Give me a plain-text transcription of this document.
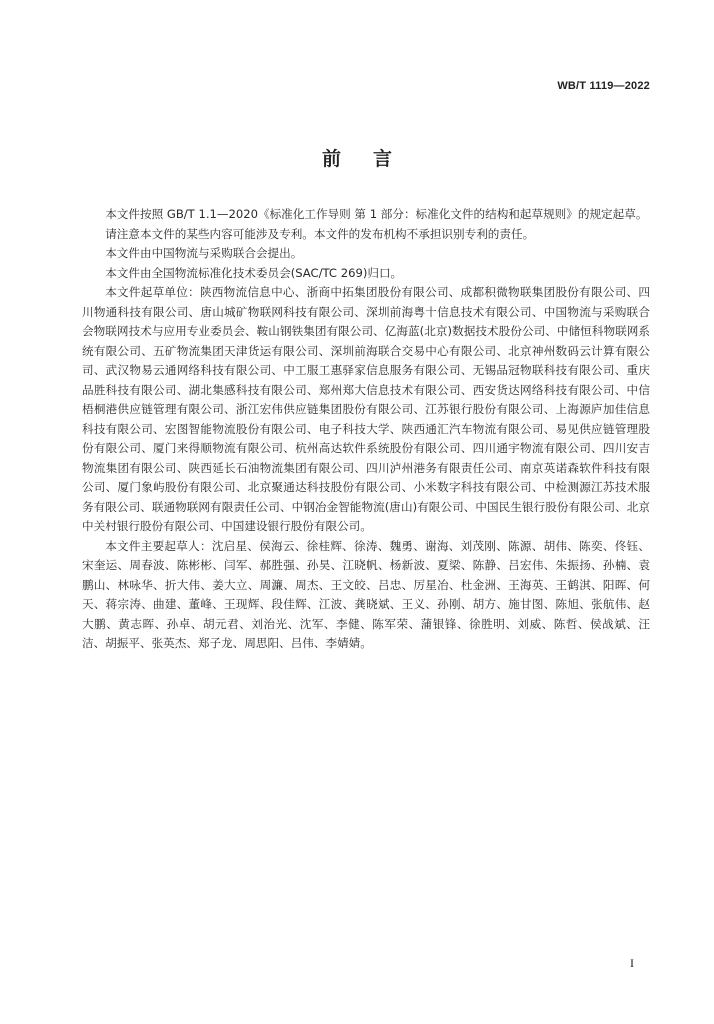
WB/T 1119—2022
前言

本文件按照 GB/T 1.1—2020《标准化工作导则 第 1 部分：标准化文件的结构和起草规则》的规定起草。

请注意本文件的某些内容可能涉及专利。本文件的发布机构不承担识别专利的责任。

本文件由中国物流与采购联合会提出。

本文件由全国物流标准化技术委员会(SAC/TC 269)归口。

本文件起草单位：陕西物流信息中心、浙商中拓集团股份有限公司、成都积微物联集团股份有限公司、四川物通科技有限公司、唐山城矿物联网科技有限公司、深圳前海粤十信息技术有限公司、中国物流与采购联合会物联网技术与应用专业委员会、鞍山钢铁集团有限公司、亿海蓝(北京)数据技术股份公司、中储恒科物联网系统有限公司、五矿物流集团天津货运有限公司、深圳前海联合交易中心有限公司、北京神州数码云计算有限公司、武汉物易云通网络科技有限公司、中工服工惠驿家信息服务有限公司、无锡品冠物联科技有限公司、重庆品胜科技有限公司、湖北集感科技有限公司、郑州郑大信息技术有限公司、西安货达网络科技有限公司、中信梧桐港供应链管理有限公司、浙江宏伟供应链集团股份有限公司、江苏银行股份有限公司、上海源庐加佳信息科技有限公司、宏图智能物流股份有限公司、电子科技大学、陕西通汇汽车物流有限公司、易见供应链管理股份有限公司、厦门来得顺物流有限公司、杭州高达软件系统股份有限公司、四川通宇物流有限公司、四川安吉物流集团有限公司、陕西延长石油物流集团有限公司、四川泸州港务有限责任公司、南京英诺森软件科技有限公司、厦门象屿股份有限公司、北京聚通达科技股份有限公司、小米数字科技有限公司、中检测源江苏技术服务有限公司、联通物联网有限责任公司、中钢冶金智能物流(唐山)有限公司、中国民生银行股份有限公司、北京中关村银行股份有限公司、中国建设银行股份有限公司。

本文件主要起草人：沈启星、侯海云、徐桂辉、徐涛、魏勇、谢海、刘茂刚、陈源、胡伟、陈奕、佟钰、宋奎运、周春波、陈彬彬、闫军、郝胜强、孙昊、江晓帆、杨新波、夏梁、陈静、吕宏伟、朱振扬、孙楠、袁鹏山、林咏华、折大伟、姜大立、周濂、周杰、王文皎、吕忠、厉星冶、杜金洲、王海英、王鹤淇、阳晖、何天、蒋宗涛、曲建、董峰、王现辉、段佳辉、江波、龚晓斌、王义、孙刚、胡方、施甘图、陈旭、张航伟、赵大鹏、黄志晖、孙卓、胡元君、刘治光、沈军、李健、陈军荣、蒲银锋、徐胜明、刘威、陈哲、侯战斌、汪洁、胡振平、张英杰、郑子龙、周思阳、吕伟、李婧婧。

I
